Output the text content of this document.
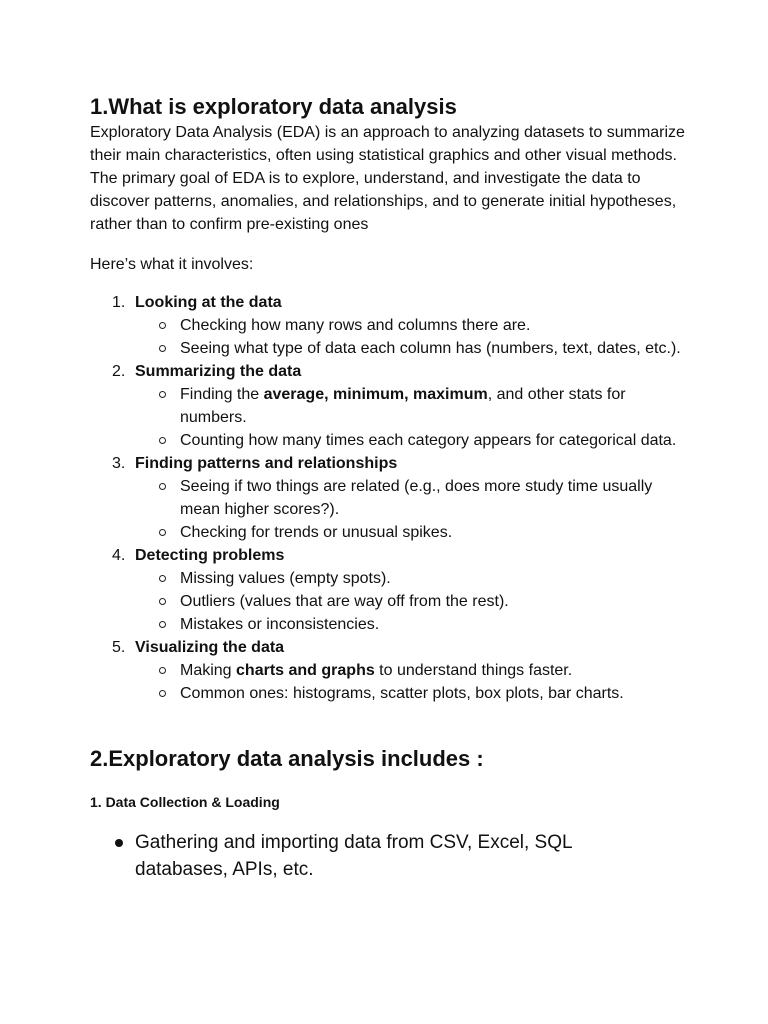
1.What is exploratory data analysis

Exploratory Data Analysis (EDA) is an approach to analyzing datasets to summarize their main characteristics, often using statistical graphics and other visual methods. The primary goal of EDA is to explore, understand, and investigate the data to discover patterns, anomalies, and relationships, and to generate initial hypotheses, rather than to confirm pre-existing ones

Here’s what it involves:

1. Looking at the data
Checking how many rows and columns there are.
Seeing what type of data each column has (numbers, text, dates, etc.).
2. Summarizing the data
Finding the average, minimum, maximum, and other stats for numbers.
Counting how many times each category appears for categorical data.
3. Finding patterns and relationships
Seeing if two things are related (e.g., does more study time usually mean higher scores?).
Checking for trends or unusual spikes.
4. Detecting problems
Missing values (empty spots).
Outliers (values that are way off from the rest).
Mistakes or inconsistencies.
5. Visualizing the data
Making charts and graphs to understand things faster.
Common ones: histograms, scatter plots, box plots, bar charts.
2.Exploratory data analysis includes :
1. Data Collection & Loading
Gathering and importing data from CSV, Excel, SQL databases, APIs, etc.
